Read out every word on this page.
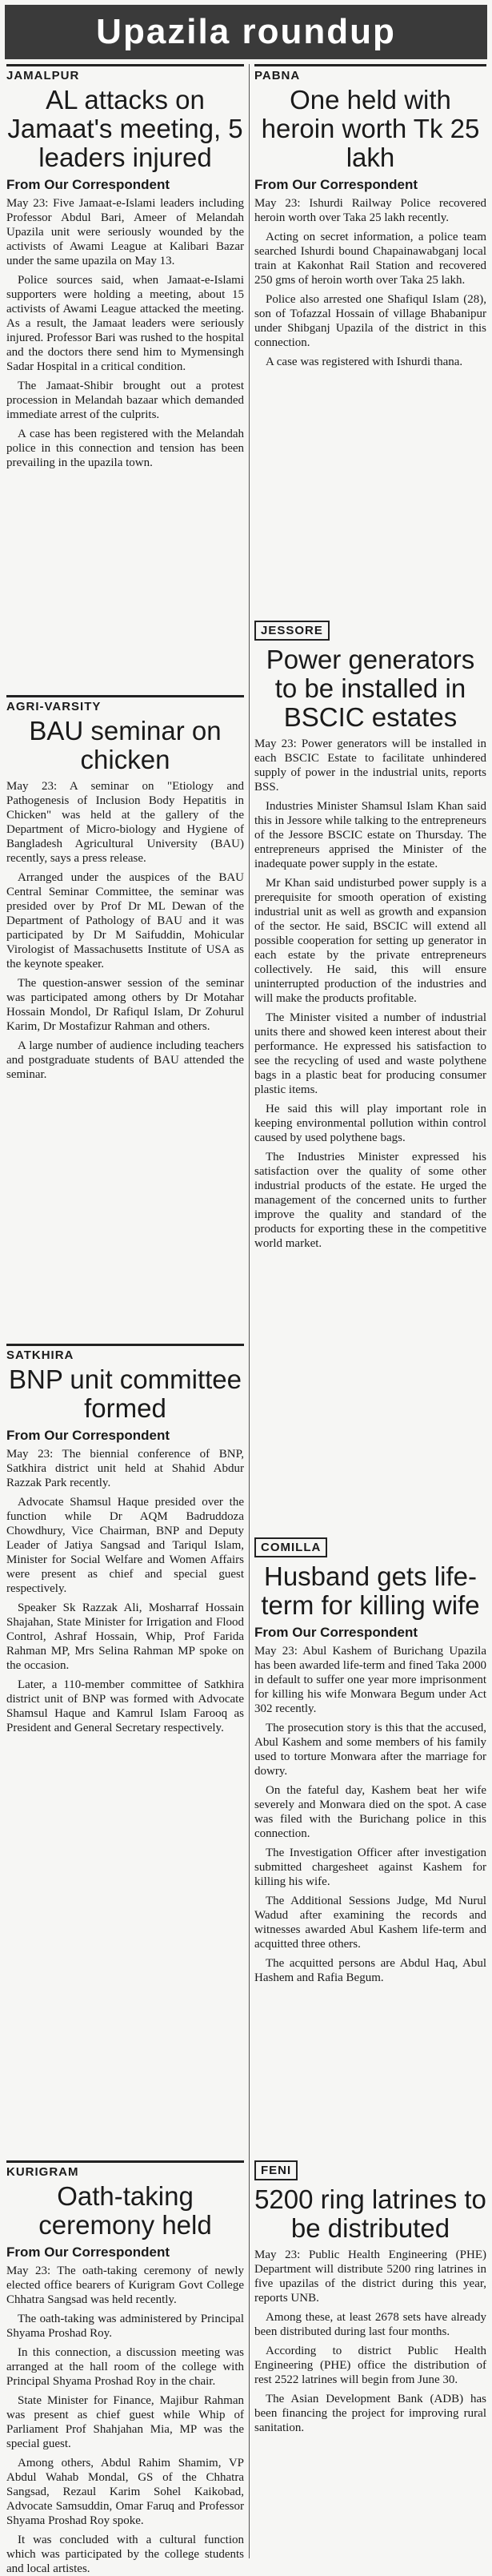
Upazila roundup
JAMALPUR
AL attacks on Jamaat's meeting, 5 leaders injured
From Our Correspondent

May 23: Five Jamaat-e-Islami leaders including Professor Abdul Bari, Ameer of Melandah Upazila unit were seriously wounded by the activists of Awami League at Kalibari Bazar under the same upazila on May 13.

Police sources said, when Jamaat-e-Islami supporters were holding a meeting, about 15 activists of Awami League attacked the meeting. As a result, the Jamaat leaders were seriously injured. Professor Bari was rushed to the hospital and the doctors there send him to Mymensingh Sadar Hospital in a critical condition.

The Jamaat-Shibir brought out a protest procession in Melandah bazaar which demanded immediate arrest of the culprits.

A case has been registered with the Melandah police in this connection and tension has been prevailing in the upazila town.

AGRI-VARSITY
BAU seminar on chicken

May 23: A seminar on "Etiology and Pathogenesis of Inclusion Body Hepatitis in Chicken" was held at the gallery of the Department of Micro-biology and Hygiene of Bangladesh Agricultural University (BAU) recently, says a press release.

Arranged under the auspices of the BAU Central Seminar Committee, the seminar was presided over by Prof Dr ML Dewan of the Department of Pathology of BAU and it was participated by Dr M Saifuddin, Mohicular Virologist of Massachusetts Institute of USA as the keynote speaker.

The question-answer session of the seminar was participated among others by Dr Motahar Hossain Mondol, Dr Rafiqul Islam, Dr Zohurul Karim, Dr Mostafizur Rahman and others.

A large number of audience including teachers and postgraduate students of BAU attended the seminar.

SATKHIRA
BNP unit committee formed
From Our Correspondent

May 23: The biennial conference of BNP, Satkhira district unit held at Shahid Abdur Razzak Park recently.

Advocate Shamsul Haque presided over the function while Dr AQM Badruddoza Chowdhury, Vice Chairman, BNP and Deputy Leader of Jatiya Sangsad and Tariqul Islam, Minister for Social Welfare and Women Affairs were present as chief and special guest respectively.

Speaker Sk Razzak Ali, Mosharraf Hossain Shajahan, State Minister for Irrigation and Flood Control, Ashraf Hossain, Whip, Prof Farida Rahman MP, Mrs Selina Rahman MP spoke on the occasion.

Later, a 110-member committee of Satkhira district unit of BNP was formed with Advocate Shamsul Haque and Kamrul Islam Farooq as President and General Secretary respectively.

KURIGRAM
Oath-taking ceremony held
From Our Correspondent

May 23: The oath-taking ceremony of newly elected office bearers of Kurigram Govt College Chhatra Sangsad was held recently.

The oath-taking was administered by Principal Shyama Proshad Roy.

In this connection, a discussion meeting was arranged at the hall room of the college with Principal Shyama Proshad Roy in the chair.

State Minister for Finance, Majibur Rahman was present as chief guest while Whip of Parliament Prof Shahjahan Mia, MP was the special guest.

Among others, Abdul Rahim Shamim, VP Abdul Wahab Mondal, GS of the Chhatra Sangsad, Rezaul Karim Sohel Kaikobad, Advocate Samsuddin, Omar Faruq and Professor Shyama Proshad Roy spoke.

It was concluded with a cultural function which was participated by the college students and local artistes.

PABNA
One held with heroin worth Tk 25 lakh
From Our Correspondent

May 23: Ishurdi Railway Police recovered heroin worth over Taka 25 lakh recently.

Acting on secret information, a police team searched Ishurdi bound Chapainawabganj local train at Kakonhat Rail Station and recovered 250 gms of heroin worth over Taka 25 lakh.

Police also arrested one Shafiqul Islam (28), son of Tofazzal Hossain of village Bhabanipur under Shibganj Upazila of the district in this connection.

A case was registered with Ishurdi thana.

JESSORE
Power generators to be installed in BSCIC estates

May 23: Power generators will be installed in each BSCIC Estate to facilitate unhindered supply of power in the industrial units, reports BSS.

Industries Minister Shamsul Islam Khan said this in Jessore while talking to the entrepreneurs of the Jessore BSCIC estate on Thursday. The entrepreneurs apprised the Minister of the inadequate power supply in the estate.

Mr Khan said undisturbed power supply is a prerequisite for smooth operation of existing industrial unit as well as growth and expansion of the sector. He said, BSCIC will extend all possible cooperation for setting up generator in each estate by the private entrepreneurs collectively. He said, this will ensure uninterrupted production of the industries and will make the products profitable.

The Minister visited a number of industrial units there and showed keen interest about their performance. He expressed his satisfaction to see the recycling of used and waste polythene bags in a plastic beat for producing consumer plastic items.

He said this will play important role in keeping environmental pollution within control caused by used polythene bags.

The Industries Minister expressed his satisfaction over the quality of some other industrial products of the estate. He urged the management of the concerned units to further improve the quality and standard of the products for exporting these in the competitive world market.

COMILLA
Husband gets life-term for killing wife
From Our Correspondent

May 23: Abul Kashem of Burichang Upazila has been awarded life-term and fined Taka 2000 in default to suffer one year more imprisonment for killing his wife Monwara Begum under Act 302 recently.

The prosecution story is this that the accused, Abul Kashem and some members of his family used to torture Monwara after the marriage for dowry.

On the fateful day, Kashem beat her wife severely and Monwara died on the spot. A case was filed with the Burichang police in this connection.

The Investigation Officer after investigation submitted chargesheet against Kashem for killing his wife.

The Additional Sessions Judge, Md Nurul Wadud after examining the records and witnesses awarded Abul Kashem life-term and acquitted three others.

The acquitted persons are Abdul Haq, Abul Hashem and Rafia Begum.

FENI
5200 ring latrines to be distributed

May 23: Public Health Engineering (PHE) Department will distribute 5200 ring latrines in five upazilas of the district during this year, reports UNB.

Among these, at least 2678 sets have already been distributed during last four months.

According to district Public Health Engineering (PHE) office the distribution of rest 2522 latrines will begin from June 30.

The Asian Development Bank (ADB) has been financing the project for improving rural sanitation.
